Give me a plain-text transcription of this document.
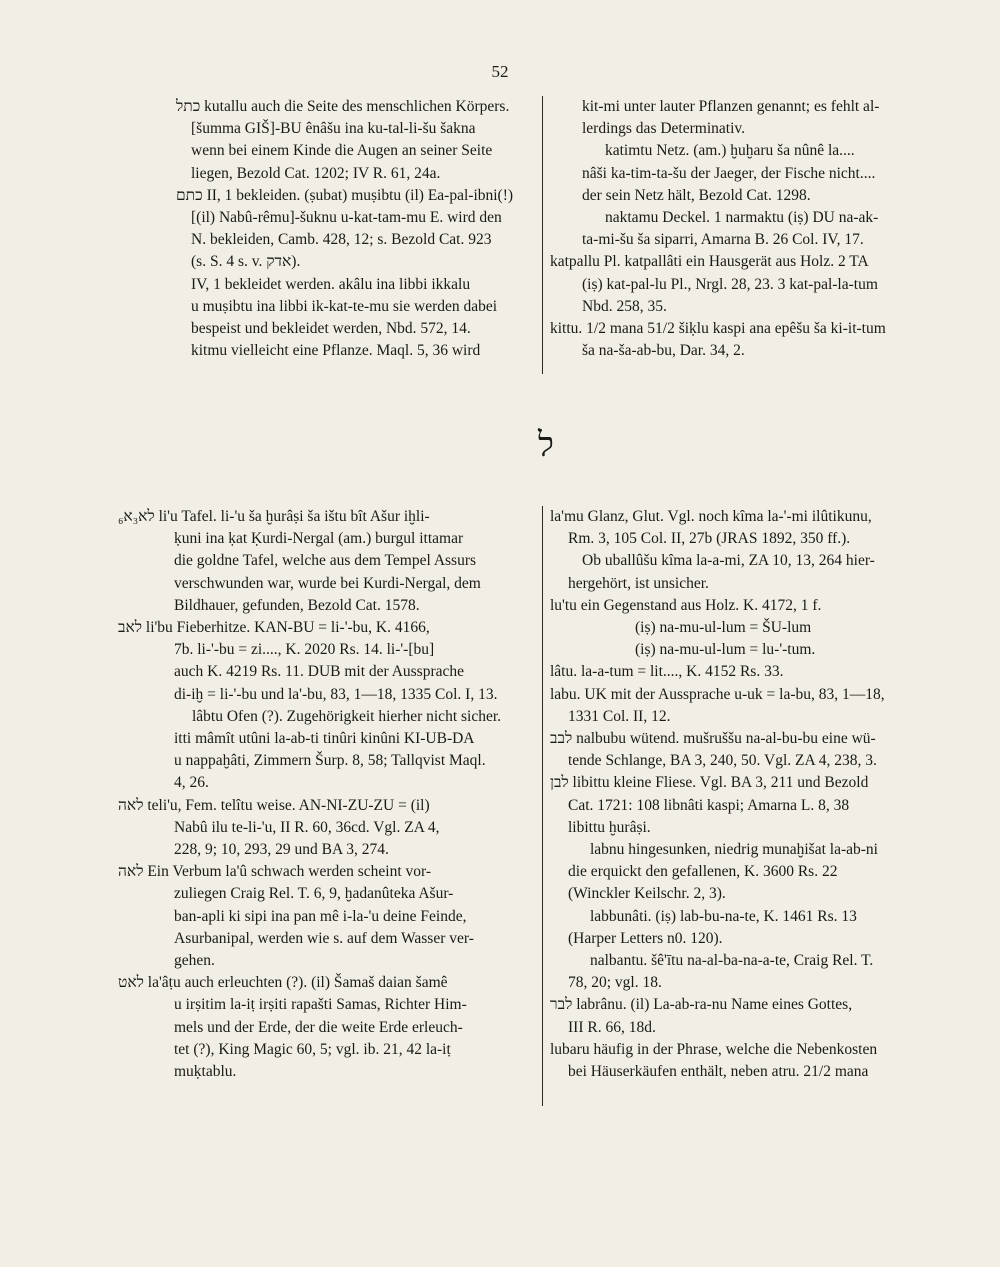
52
כתל kutallu auch die Seite des menschlichen Körpers.
[šumma GIŠ]-BU ênâšu ina ku-tal-li-šu šakna
wenn bei einem Kinde die Augen an seiner Seite
liegen, Bezold Cat. 1202; IV R. 61, 24a.
כתם II, 1 bekleiden. (ṣubat) muṣibtu (il) Ea-pal-ibni(!)
[(il) Nabû-rêmu]-šuknu u-kat-tam-mu E. wird den
N. bekleiden, Camb. 428, 12; s. Bezold Cat. 923
(s. S. 4 s. v. אדק).
IV, 1 bekleidet werden. akâlu ina libbi ikkalu
u muṣibtu ina libbi ik-kat-te-mu sie werden dabei
bespeist und bekleidet werden, Nbd. 572, 14.
kitmu vielleicht eine Pflanze. Maql. 5, 36 wird
kit-mi unter lauter Pflanzen genannt; es fehlt al-
lerdings das Determinativ.
katimtu Netz. (am.) ḫuḫaru ša nûnê la....
nâši ka-tim-ta-šu der Jaeger, der Fische nicht....
der sein Netz hält, Bezold Cat. 1298.
naktamu Deckel. 1 narmaktu (iṣ) DU na-ak-
ta-mi-šu ša siparri, Amarna B. 26 Col. IV, 17.
katpallu Pl. katpallâti ein Hausgerät aus Holz. 2 TA
(iṣ) kat-pal-lu Pl., Nrgl. 28, 23. 3 kat-pal-la-tum
Nbd. 258, 35.
kittu. 1/2 mana 51/2 šiḳlu kaspi ana epêšu ša ki-it-tum
ša na-ša-ab-bu, Dar. 34, 2.
ל
לא₃א₆ li'u Tafel. li-'u ša ḫurâṣi ša ištu bît Ašur iḫli-
ḳuni ina ḳat Ḳurdi-Nergal (am.) burgul ittamar
die goldne Tafel, welche aus dem Tempel Assurs
verschwunden war, wurde bei Kurdi-Nergal, dem
Bildhauer, gefunden, Bezold Cat. 1578.
לאב li'bu Fieberhitze. KAN-BU = li-'-bu, K. 4166,
7b. li-'-bu = zi...., K. 2020 Rs. 14. li-'-[bu]
auch K. 4219 Rs. 11. DUB mit der Aussprache
di-iḫ = li-'-bu und la'-bu, 83, 1—18, 1335 Col. I, 13.
lâbtu Ofen (?). Zugehörigkeit hierher nicht sicher.
itti mâmît utûni la-ab-ti tinûri kinûni KI-UB-DA
u nappaḫâti, Zimmern Šurp. 8, 58; Tallqvist Maql.
4, 26.
לאה teli'u, Fem. telîtu weise. AN-NI-ZU-ZU = (il)
Nabû ilu te-li-'u, II R. 60, 36cd. Vgl. ZA 4,
228, 9; 10, 293, 29 und BA 3, 274.
לאה Ein Verbum la'û schwach werden scheint vor-
zuliegen Craig Rel. T. 6, 9, ḫadanûteka Ašur-
ban-apli ki sipi ina pan mê i-la-'u deine Feinde,
Asurbanipal, werden wie s. auf dem Wasser ver-
gehen.
לאט la'âṭu auch erleuchten (?). (il) Šamaš daian šamê
u irṣitim la-iṭ irṣiti rapašti Samas, Richter Him-
mels und der Erde, der die weite Erde erleuch-
tet (?), King Magic 60, 5; vgl. ib. 21, 42 la-iṭ
muḳtablu.
la'mu Glanz, Glut. Vgl. noch kîma la-'-mi ilûtikunu,
Rm. 3, 105 Col. II, 27b (JRAS 1892, 350 ff.).
Ob uballûšu kîma la-a-mi, ZA 10, 13, 264 hier-
hergehört, ist unsicher.
lu'tu ein Gegenstand aus Holz. K. 4172, 1 f.
(iṣ) na-mu-ul-lum = ŠU-lum
(iṣ) na-mu-ul-lum = lu-'-tum.
lâtu. la-a-tum = lit...., K. 4152 Rs. 33.
labu. UK mit der Aussprache u-uk = la-bu, 83, 1—18,
1331 Col. II, 12.
לבב nalbubu wütend. mušruššu na-al-bu-bu eine wü-
tende Schlange, BA 3, 240, 50. Vgl. ZA 4, 238, 3.
לבן libittu kleine Fliese. Vgl. BA 3, 211 und Bezold
Cat. 1721: 108 libnâti kaspi; Amarna L. 8, 38
libittu ḫurâṣi.
labnu hingesunken, niedrig munaḫišat la-ab-ni
die erquickt den gefallenen, K. 3600 Rs. 22
(Winckler Keilschr. 2, 3).
labbunâti. (iṣ) lab-bu-na-te, K. 1461 Rs. 13
(Harper Letters n0. 120).
nalbantu. šê'ītu na-al-ba-na-a-te, Craig Rel. T.
78, 20; vgl. 18.
לבר labrânu. (il) La-ab-ra-nu Name eines Gottes,
III R. 66, 18d.
lubaru häufig in der Phrase, welche die Nebenkosten
bei Häuserkäufen enthält, neben atru. 21/2 mana
